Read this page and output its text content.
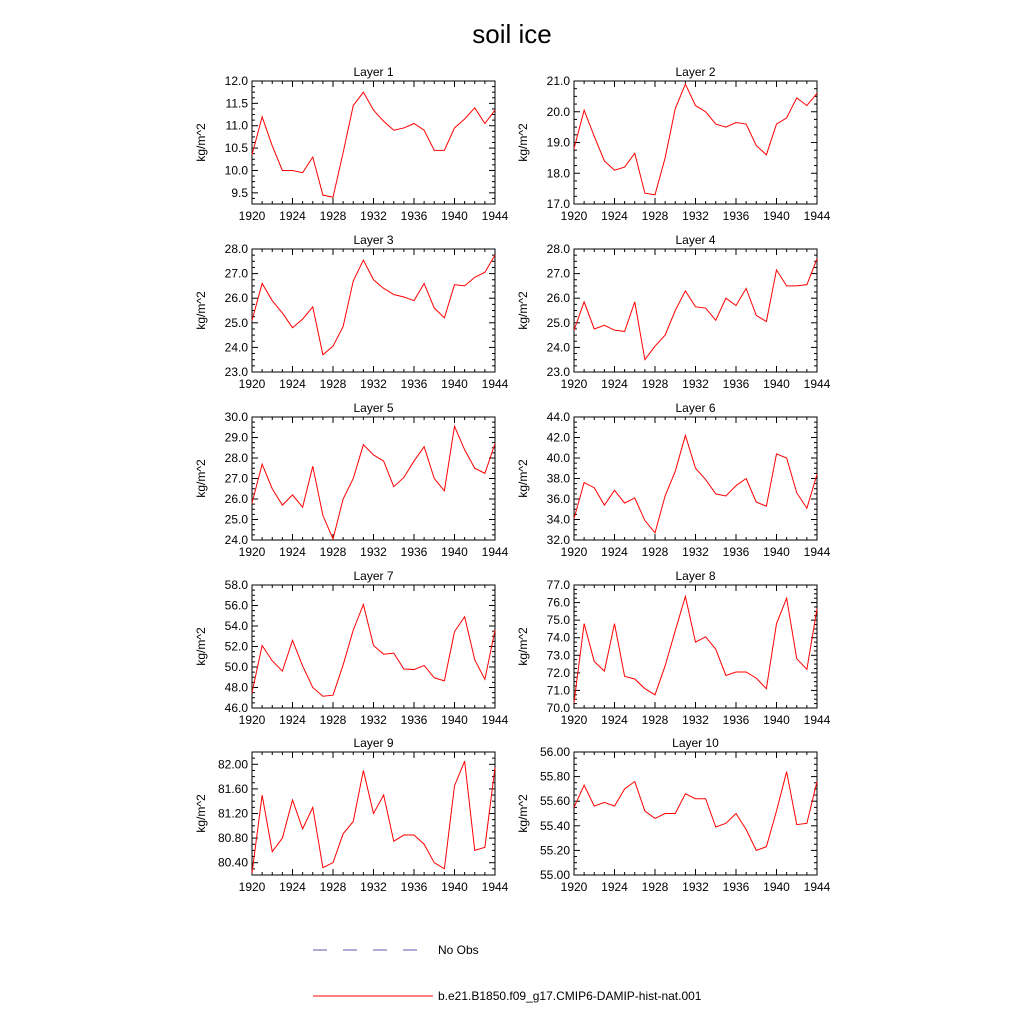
soil ice
Layer 1
kg/m^2
1920 1924 1928 1932 1936 1940 1944
9.5
10.0
10.5
11.0
11.5
12.0
Layer 2
kg/m^2
1920 1924 1928 1932 1936 1940 1944
17.0
18.0
19.0
20.0
21.0
Layer 3
kg/m^2
1920 1924 1928 1932 1936 1940 1944
23.0
24.0
25.0
26.0
27.0
28.0
Layer 4
kg/m^2
1920 1924 1928 1932 1936 1940 1944
23.0
24.0
25.0
26.0
27.0
28.0
Layer 5
kg/m^2
1920 1924 1928 1932 1936 1940 1944
24.0
25.0
26.0
27.0
28.0
29.0
30.0
Layer 6
kg/m^2
1920 1924 1928 1932 1936 1940 1944
32.0
34.0
36.0
38.0
40.0
42.0
44.0
Layer 7
kg/m^2
1920 1924 1928 1932 1936 1940 1944
46.0
48.0
50.0
52.0
54.0
56.0
58.0
Layer 8
kg/m^2
1920 1924 1928 1932 1936 1940 1944
70.0
71.0
72.0
73.0
74.0
75.0
76.0
77.0
Layer 9
kg/m^2
1920 1924 1928 1932 1936 1940 1944
80.40
80.80
81.20
81.60
82.00
Layer 10
kg/m^2
1920 1924 1928 1932 1936 1940 1944
55.00
55.20
55.40
55.60
55.80
56.00
No Obs
b.e21.B1850.f09_g17.CMIP6-DAMIP-hist-nat.001
